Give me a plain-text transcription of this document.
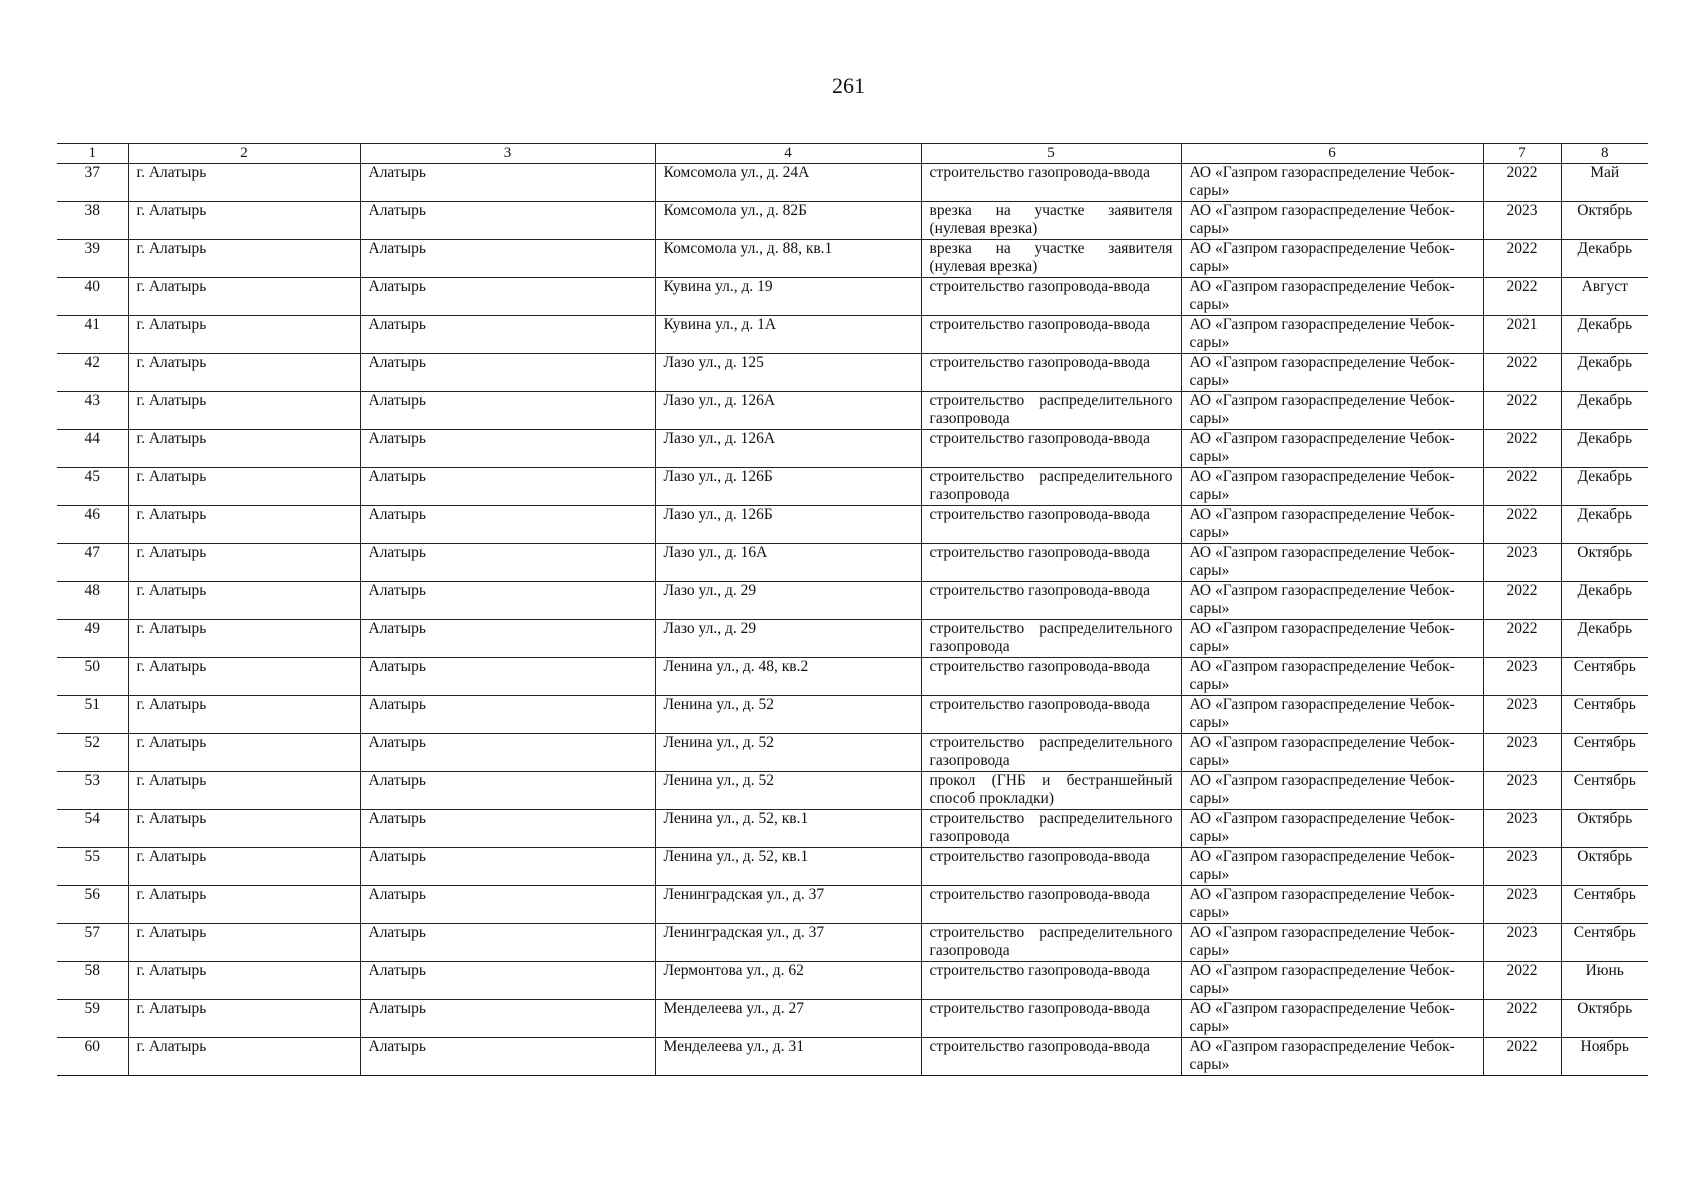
261
1	2	3	4	5	6	7	8
37	г. Алатырь	Алатырь	Комсомола ул., д. 24А	строительство газопровода-ввода	АО «Газпром газораспределение Чебок-
сары»	2022	Май
38	г. Алатырь	Алатырь	Комсомола ул., д. 82Б	врезка на участке заявителя (нулевая врезка)	АО «Газпром газораспределение Чебок-
сары»	2023	Октябрь
39	г. Алатырь	Алатырь	Комсомола ул., д. 88, кв.1	врезка на участке заявителя (нулевая врезка)	АО «Газпром газораспределение Чебок-
сары»	2022	Декабрь
40	г. Алатырь	Алатырь	Кувина ул., д. 19	строительство газопровода-ввода	АО «Газпром газораспределение Чебок-
сары»	2022	Август
41	г. Алатырь	Алатырь	Кувина ул., д. 1А	строительство газопровода-ввода	АО «Газпром газораспределение Чебок-
сары»	2021	Декабрь
42	г. Алатырь	Алатырь	Лазо ул., д. 125	строительство газопровода-ввода	АО «Газпром газораспределение Чебок-
сары»	2022	Декабрь
43	г. Алатырь	Алатырь	Лазо ул., д. 126А	строительство распределительного газопровода	АО «Газпром газораспределение Чебок-
сары»	2022	Декабрь
44	г. Алатырь	Алатырь	Лазо ул., д. 126А	строительство газопровода-ввода	АО «Газпром газораспределение Чебок-
сары»	2022	Декабрь
45	г. Алатырь	Алатырь	Лазо ул., д. 126Б	строительство распределительного газопровода	АО «Газпром газораспределение Чебок-
сары»	2022	Декабрь
46	г. Алатырь	Алатырь	Лазо ул., д. 126Б	строительство газопровода-ввода	АО «Газпром газораспределение Чебок-
сары»	2022	Декабрь
47	г. Алатырь	Алатырь	Лазо ул., д. 16А	строительство газопровода-ввода	АО «Газпром газораспределение Чебок-
сары»	2023	Октябрь
48	г. Алатырь	Алатырь	Лазо ул., д. 29	строительство газопровода-ввода	АО «Газпром газораспределение Чебок-
сары»	2022	Декабрь
49	г. Алатырь	Алатырь	Лазо ул., д. 29	строительство распределительного газопровода	АО «Газпром газораспределение Чебок-
сары»	2022	Декабрь
50	г. Алатырь	Алатырь	Ленина ул., д. 48, кв.2	строительство газопровода-ввода	АО «Газпром газораспределение Чебок-
сары»	2023	Сентябрь
51	г. Алатырь	Алатырь	Ленина ул., д. 52	строительство газопровода-ввода	АО «Газпром газораспределение Чебок-
сары»	2023	Сентябрь
52	г. Алатырь	Алатырь	Ленина ул., д. 52	строительство распределительного газопровода	АО «Газпром газораспределение Чебок-
сары»	2023	Сентябрь
53	г. Алатырь	Алатырь	Ленина ул., д. 52	прокол (ГНБ и бестраншейный способ прокладки)	АО «Газпром газораспределение Чебок-
сары»	2023	Сентябрь
54	г. Алатырь	Алатырь	Ленина ул., д. 52, кв.1	строительство распределительного газопровода	АО «Газпром газораспределение Чебок-
сары»	2023	Октябрь
55	г. Алатырь	Алатырь	Ленина ул., д. 52, кв.1	строительство газопровода-ввода	АО «Газпром газораспределение Чебок-
сары»	2023	Октябрь
56	г. Алатырь	Алатырь	Ленинградская ул., д. 37	строительство газопровода-ввода	АО «Газпром газораспределение Чебок-
сары»	2023	Сентябрь
57	г. Алатырь	Алатырь	Ленинградская ул., д. 37	строительство распределительного газопровода	АО «Газпром газораспределение Чебок-
сары»	2023	Сентябрь
58	г. Алатырь	Алатырь	Лермонтова ул., д. 62	строительство газопровода-ввода	АО «Газпром газораспределение Чебок-
сары»	2022	Июнь
59	г. Алатырь	Алатырь	Менделеева ул., д. 27	строительство газопровода-ввода	АО «Газпром газораспределение Чебок-
сары»	2022	Октябрь
60	г. Алатырь	Алатырь	Менделеева ул., д. 31	строительство газопровода-ввода	АО «Газпром газораспределение Чебок-
сары»	2022	Ноябрь
